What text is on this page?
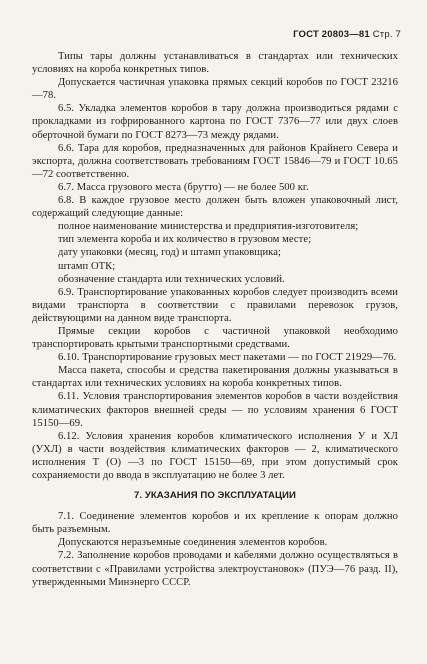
ГОСТ 20803—81 Стр. 7

Типы тары должны устанавливаться в стандартах или технических условиях на короба конкретных типов.

Допускается частичная упаковка прямых секций коробов по ГОСТ 23216—78.

6.5. Укладка элементов коробов в тару должна производиться рядами с прокладками из гофрированного картона по ГОСТ 7376—77 или двух слоев оберточной бумаги по ГОСТ 8273—73 между рядами.

6.6. Тара для коробов, предназначенных для районов Крайнего Севера и экспорта, должна соответствовать требованиям ГОСТ 15846—79 и ГОСТ 10.65—72 соответственно.

6.7. Масса грузового места (брутто) — не более 500 кг.

6.8. В каждое грузовое место должен быть вложен упаковочный лист, содержащий следующие данные:

полное наименование министерства и предприятия-изготовителя;

тип элемента короба и их количество в грузовом месте;

дату упаковки (месяц, год) и штамп упаковщика;

штамп ОТК;

обозначение стандарта или технических условий.

6.9. Транспортирование упакованных коробов следует производить всеми видами транспорта в соответствии с правилами перевозок грузов, действующими на данном виде транспорта.

Прямые секции коробов с частичной упаковкой необходимо транспортировать крытыми транспортными средствами.

6.10. Транспортирование грузовых мест пакетами — по ГОСТ 21929—76.

Масса пакета, способы и средства пакетирования должны указываться в стандартах или технических условиях на короба конкретных типов.

6.11. Условия транспортирования элементов коробов в части воздействия климатических факторов внешней среды — по условиям хранения 6 ГОСТ 15150—69.

6.12. Условия хранения коробов климатического исполнения У и ХЛ (УХЛ) в части воздействия климатических факторов — 2, климатического исполнения Т (О) —3 по ГОСТ 15150—69, при этом допустимый срок сохраняемости до ввода в эксплуатацию не более 3 лет.

7. УКАЗАНИЯ ПО ЭКСПЛУАТАЦИИ

7.1. Соединение элементов коробов и их крепление к опорам должно быть разъемным.

Допускаются неразъемные соединения элементов коробов.

7.2. Заполнение коробов проводами и кабелями должно осуществляться в соответствии с «Правилами устройства электроустановок» (ПУЭ—76 разд. II), утвержденными Минэнерго СССР.
